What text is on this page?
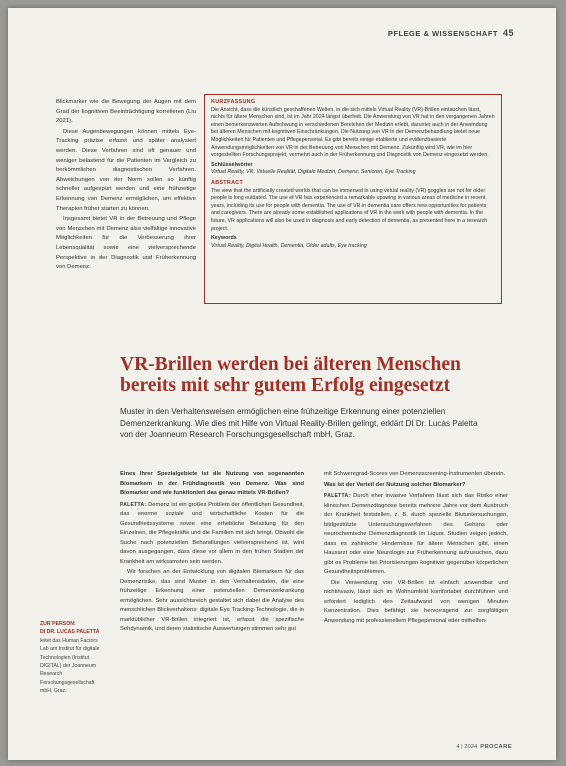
PFLEGE & WISSENSCHAFT 45

Blickmarker wie die Bewegung der Augen mit dem Grad der kognitiven Beeinträchtigung korrelieren (Liu 2021).

Diese Augenbewegungen können mittels Eye-Tracking präzise erfasst und später analysiert werden. Diese Verfahren sind oft genauer und weniger belastend für die Patienten im Vergleich zu herkömmlichen diagnostischen Verfahren. Abweichungen von der Norm sollen so künftig schneller aufgespürt werden und eine frühzeitige Erkennung von Demenz ermöglichen, um effektive Therapien früher starten zu können.

Insgesamt bietet VR in der Betreuung und Pflege von Menschen mit Demenz also vielfältige innovative Möglichkeiten für die Verbesserung ihrer Lebensqualität sowie eine vielversprechende Perspektive in der Diagnostik und Früherkennung von Demenz.

KURZFASSUNG

Die Ansicht, dass die künstlich geschaffenen Welten, in die sich mittels Virtual Reality (VR)-Brillen eintauchen lässt, nichts für ältere Menschen sind, ist im Jahr 2024 längst überholt. Die Anwendung von VR hat in den vergangenen Jahren einen bemerkenswerten Aufschwung in verschiedenen Bereichen der Medizin erlebt, darunter auch in der Anwendung bei älteren Menschen mit kognitiven Einschränkungen. Die Nutzung von VR in der Demenzbehandlung bietet neue Möglichkeiten für Patienten und Pflegepersonal. Es gibt bereits einige etablierte und evidenzbasierte Anwendungsmöglichkeiten von VR in der Betreuung von Menschen mit Demenz. Zukünftig wird VR, wie im hier vorgestellten Forschungsprojekt, vermehrt auch in der Früherkennung und Diagnostik von Demenz eingesetzt werden.

Schlüsselwörter
Virtual Reality, VR, Virtuelle Realität, Digitale Medizin, Demenz, Senioren, Eye Tracking
ABSTRACT

The view that the artificially created worlds that can be immersed in using virtual reality (VR) goggles are not for older people is long outdated. The use of VR has experienced a remarkable upswing in various areas of medicine in recent years, including its use for people with dementia. The use of VR in dementia care offers new opportunities for patients and caregivers. There are already some established applications of VR in the work with people with dementia. In the future, VR applications will also be used in diagnosis and early detection of dementia, as presented here in a research project.

Keywords
Virtual Reality, Digital Health, Dementia, Older adults, Eye tracking
VR-Brillen werden bei älteren Menschen bereits mit sehr gutem Erfolg eingesetzt
Muster in den Verhaltensweisen ermöglichen eine frühzeitige Erkennung einer potenziellen Demenzerkrankung. Wie dies mit Hilfe von Virtual Reality-Brillen gelingt, erklärt DI Dr. Lucas Paletta von der Joanneum Research Forschungsgesellschaft mbH, Graz.
ZUR PERSON:
DI DR. LUCAS PALETTA
leitet das Human Factors Lab am Institut für digitale Technologien (Institut DIGITAL) der Joanneum Research Forschungsgesellschaft mbH, Graz.

Eines Ihrer Spezialgebiete ist die Nutzung von sogenannten Biomarkern in der Frühdiagnostik von Demenz. Was sind Biomarker und wie funktioniert das genau mittels VR-Brillen?

PALETTA: Demenz ist ein großes Problem der öffentlichen Gesundheit, das enorme soziale und wirtschaftliche Kosten für die Gesundheitssysteme sowie eine erhebliche Belastung für den Einzelnen, die Pflegekräfte und die Familien mit sich bringt. Obwohl die Suche nach potenziellen Behandlungen vielversprechend ist, wird davon ausgegangen, dass diese vor allem in den frühen Stadien der Krankheit am wirksamsten sein werden.

Wir forschen an der Entwicklung von digitalen Biomarkern für das Demenzrisiko, das sind Muster in den Verhaltensdaten, die eine frühzeitige Erkennung einer potenziellen Demenzerkrankung ermöglichen. Sehr aussichtsreich gestaltet sich dabei die Analyse des menschlichen Blickverhaltens: digitale Eye Tracking-Technologie, die in marktüblicher VR-Brillen integriert ist, erfasst die spezifische Sehdynamik, und deren statistische Auswertungen stimmen sehr gut

mit Schweregrad-Scores von Demenzscreening-Instrumenten überein.

Was ist der Vorteil der Nutzung solcher Biomarker?

PALETTA: Durch eher invasive Verfahren lässt sich das Risiko einer klinischen Demenzdiagnose bereits mehrere Jahre vor dem Ausbruch der Krankheit feststellen, z. B. durch spezielle Blutuntersuchungen, bildgestützte Untersuchungsverfahren des Gehirns oder neurochemische Demenzdiagnostik im Liquor. Studien zeigen jedoch, dass es zahlreiche Hindernisse für ältere Menschen gibt, einen Hausarzt oder eine Neurologin zur Früherkennung aufzusuchen, dazu gibt es Probleme bei Priorisierungen kognitiver gegenüber körperlichen Gesundheitsproblemen.

Die Verwendung von VR-Brillen ist einfach anwendbar und nichtinvasiv, lässt sich im Wohnumfeld komfortabel durchführen und erfordert lediglich den Zeitaufwand von wenigen Minuten Konzentration. Dies befähigt sie hervorragend zur sorgfältigen Anwendung mit professionellem Pflegepersonal oder mithelfen-

4 | 2024 PROCARE
